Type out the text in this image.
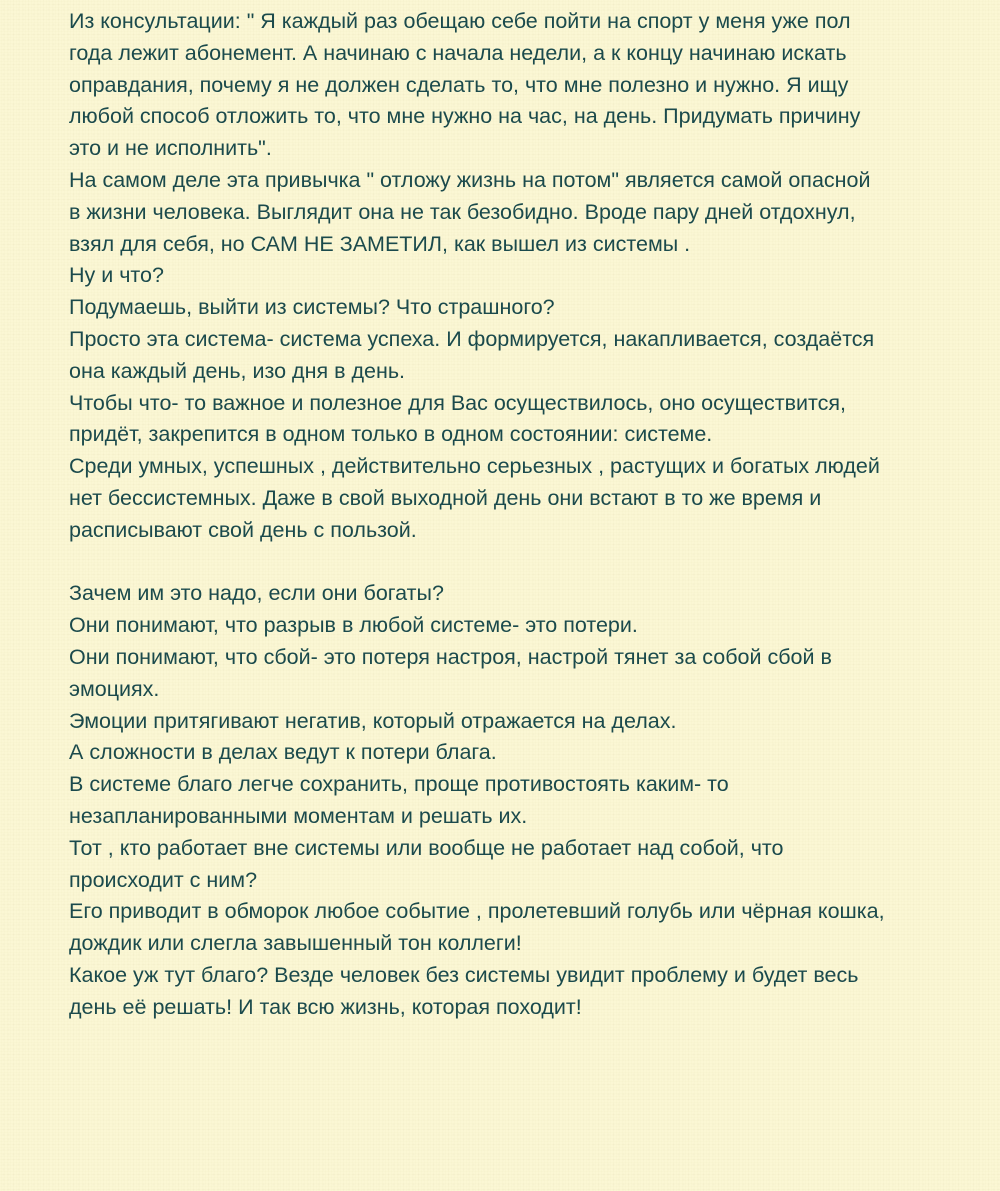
Из консультации: " Я каждый раз обещаю себе пойти на спорт у меня уже пол
года лежит абонемент. А начинаю с начала недели, а к концу начинаю искать
оправдания, почему я не должен сделать то, что мне полезно и нужно. Я ищу
любой способ отложить то, что мне нужно на час, на день. Придумать причину
это и не исполнить".
На самом деле эта привычка " отложу жизнь на потом" является самой опасной
в жизни человека. Выглядит она не так безобидно. Вроде пару дней отдохнул,
взял для себя, но САМ НЕ ЗАМЕТИЛ, как вышел из системы .
Ну и что?
Подумаешь, выйти из системы? Что страшного?
Просто эта система- система успеха. И формируется, накапливается, создаётся
она каждый день, изо дня в день.
Чтобы что- то важное и полезное для Вас осуществилось, оно осуществится,
придёт, закрепится в одном только в одном состоянии: системе.
Среди умных, успешных , действительно серьезных , растущих и богатых людей
нет бессистемных. Даже в свой выходной день они встают в то же время и
расписывают свой день с пользой.
Зачем им это надо, если они богаты?
Они понимают, что разрыв в любой системе- это потери.
Они понимают, что сбой- это потеря настроя, настрой тянет за собой сбой в
эмоциях.
Эмоции притягивают негатив, который отражается на делах.
А сложности в делах ведут к потери блага.
В системе благо легче сохранить, проще противостоять каким- то
незапланированными моментам и решать их.
Тот , кто работает вне системы или вообще не работает над собой, что
происходит с ним?
Его приводит в обморок любое событие , пролетевший голубь или чёрная кошка,
дождик или слегла завышенный тон коллеги!
Какое уж тут благо? Везде человек без системы увидит проблему и будет весь
день её решать! И так всю жизнь, которая походит!
